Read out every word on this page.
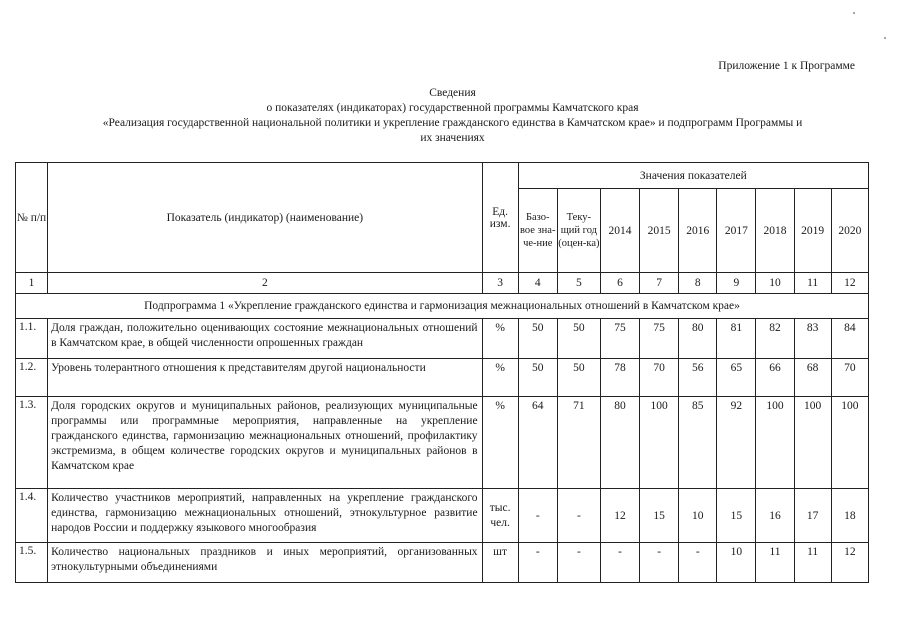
Приложение 1 к Программе
Сведения
о показателях (индикаторах) государственной программы Камчатского края
«Реализация государственной национальной политики и укрепление гражданского единства в Камчатском крае» и подпрограмм Программы и
их значениях
№ п/п	Показатель (индикатор) (наименование)	Ед. изм.	Значения показателей								
			Базо-вое зна-че-ние	Теку-щий год (оцен-ка)	2014	2015	2016	2017	2018	2019	2020
1	2	3	4	5	6	7	8	9	10	11	12
Подпрограмма 1 «Укрепление гражданского единства и гармонизация межнациональных отношений в Камчатском крае»											
1.1.	Доля граждан, положительно оценивающих состояние межнациональных отношений в Камчатском крае, в общей численности опрошенных граждан	%	50	50	75	75	80	81	82	83	84
1.2.	Уровень толерантного отношения к представителям другой национальности	%	50	50	78	70	56	65	66	68	70
1.3.	Доля городских округов и муниципальных районов, реализующих муниципальные программы или программные мероприятия, направленные на укрепление гражданского единства, гармонизацию межнациональных отношений, профилактику экстремизма, в общем количестве городских округов и муниципальных районов в Камчатском крае	%	64	71	80	100	85	92	100	100	100
1.4.	Количество участников мероприятий, направленных на укрепление гражданского единства, гармонизацию межнациональных отношений, этнокультурное развитие народов России и поддержку языкового многообразия	тыс. чел.	-	-	12	15	10	15	16	17	18
1.5.	Количество национальных праздников и иных мероприятий, организованных этнокультурными объединениями	шт	-	-	-	-	-	10	11	11	12
